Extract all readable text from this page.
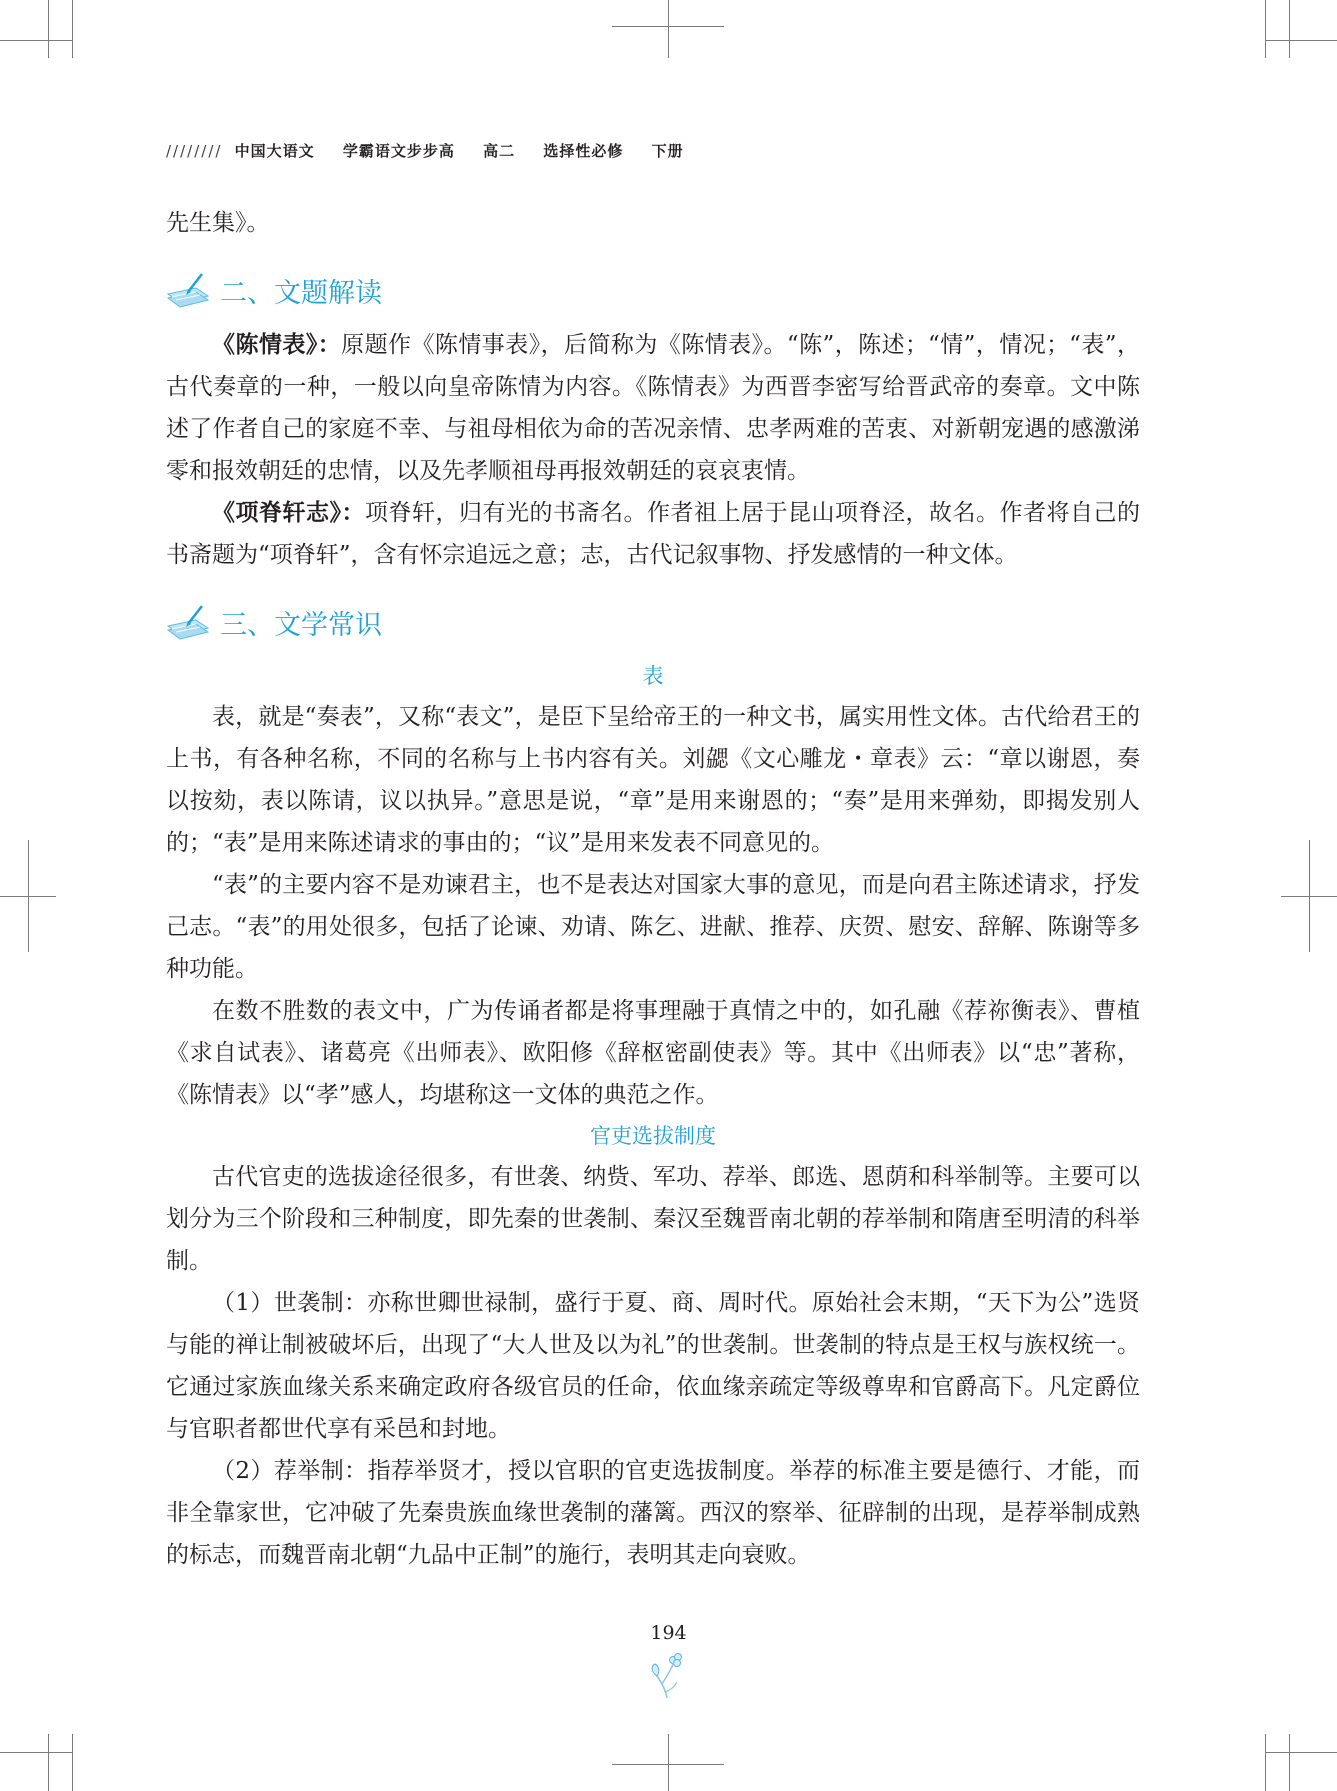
//////// 中国大语文 学霸语文步步高 高二 选择性必修 下册

先生集》。

二、文题解读

《陈情表》：原题作《陈情事表》，后简称为《陈情表》。“陈”，陈述；“情”，情况；“表”，古代奏章的一种，一般以向皇帝陈情为内容。《陈情表》为西晋李密写给晋武帝的奏章。文中陈述了作者自己的家庭不幸、与祖母相依为命的苦况亲情、忠孝两难的苦衷、对新朝宠遇的感激涕零和报效朝廷的忠情，以及先孝顺祖母再报效朝廷的哀哀衷情。

《项脊轩志》：项脊轩，归有光的书斋名。作者祖上居于昆山项脊泾，故名。作者将自己的书斋题为“项脊轩”，含有怀宗追远之意；志，古代记叙事物、抒发感情的一种文体。

三、文学常识
表

表，就是“奏表”，又称“表文”，是臣下呈给帝王的一种文书，属实用性文体。古代给君王的上书，有各种名称，不同的名称与上书内容有关。刘勰《文心雕龙・章表》云：“章以谢恩，奏以按劾，表以陈请，议以执异。”意思是说，“章”是用来谢恩的；“奏”是用来弹劾，即揭发别人的；“表”是用来陈述请求的事由的；“议”是用来发表不同意见的。

“表”的主要内容不是劝谏君主，也不是表达对国家大事的意见，而是向君主陈述请求，抒发己志。“表”的用处很多，包括了论谏、劝请、陈乞、进献、推荐、庆贺、慰安、辞解、陈谢等多种功能。

在数不胜数的表文中，广为传诵者都是将事理融于真情之中的，如孔融《荐祢衡表》、曹植《求自试表》、诸葛亮《出师表》、欧阳修《辞枢密副使表》等。其中《出师表》以“忠”著称，《陈情表》以“孝”感人，均堪称这一文体的典范之作。

官吏选拔制度

古代官吏的选拔途径很多，有世袭、纳赀、军功、荐举、郎选、恩荫和科举制等。主要可以划分为三个阶段和三种制度，即先秦的世袭制、秦汉至魏晋南北朝的荐举制和隋唐至明清的科举制。

（1）世袭制：亦称世卿世禄制，盛行于夏、商、周时代。原始社会末期，“天下为公”选贤与能的禅让制被破坏后，出现了“大人世及以为礼”的世袭制。世袭制的特点是王权与族权统一。它通过家族血缘关系来确定政府各级官员的任命，依血缘亲疏定等级尊卑和官爵高下。凡定爵位与官职者都世代享有采邑和封地。

（2）荐举制：指荐举贤才，授以官职的官吏选拔制度。举荐的标准主要是德行、才能，而非全靠家世，它冲破了先秦贵族血缘世袭制的藩篱。西汉的察举、征辟制的出现，是荐举制成熟的标志，而魏晋南北朝“九品中正制”的施行，表明其走向衰败。

194
